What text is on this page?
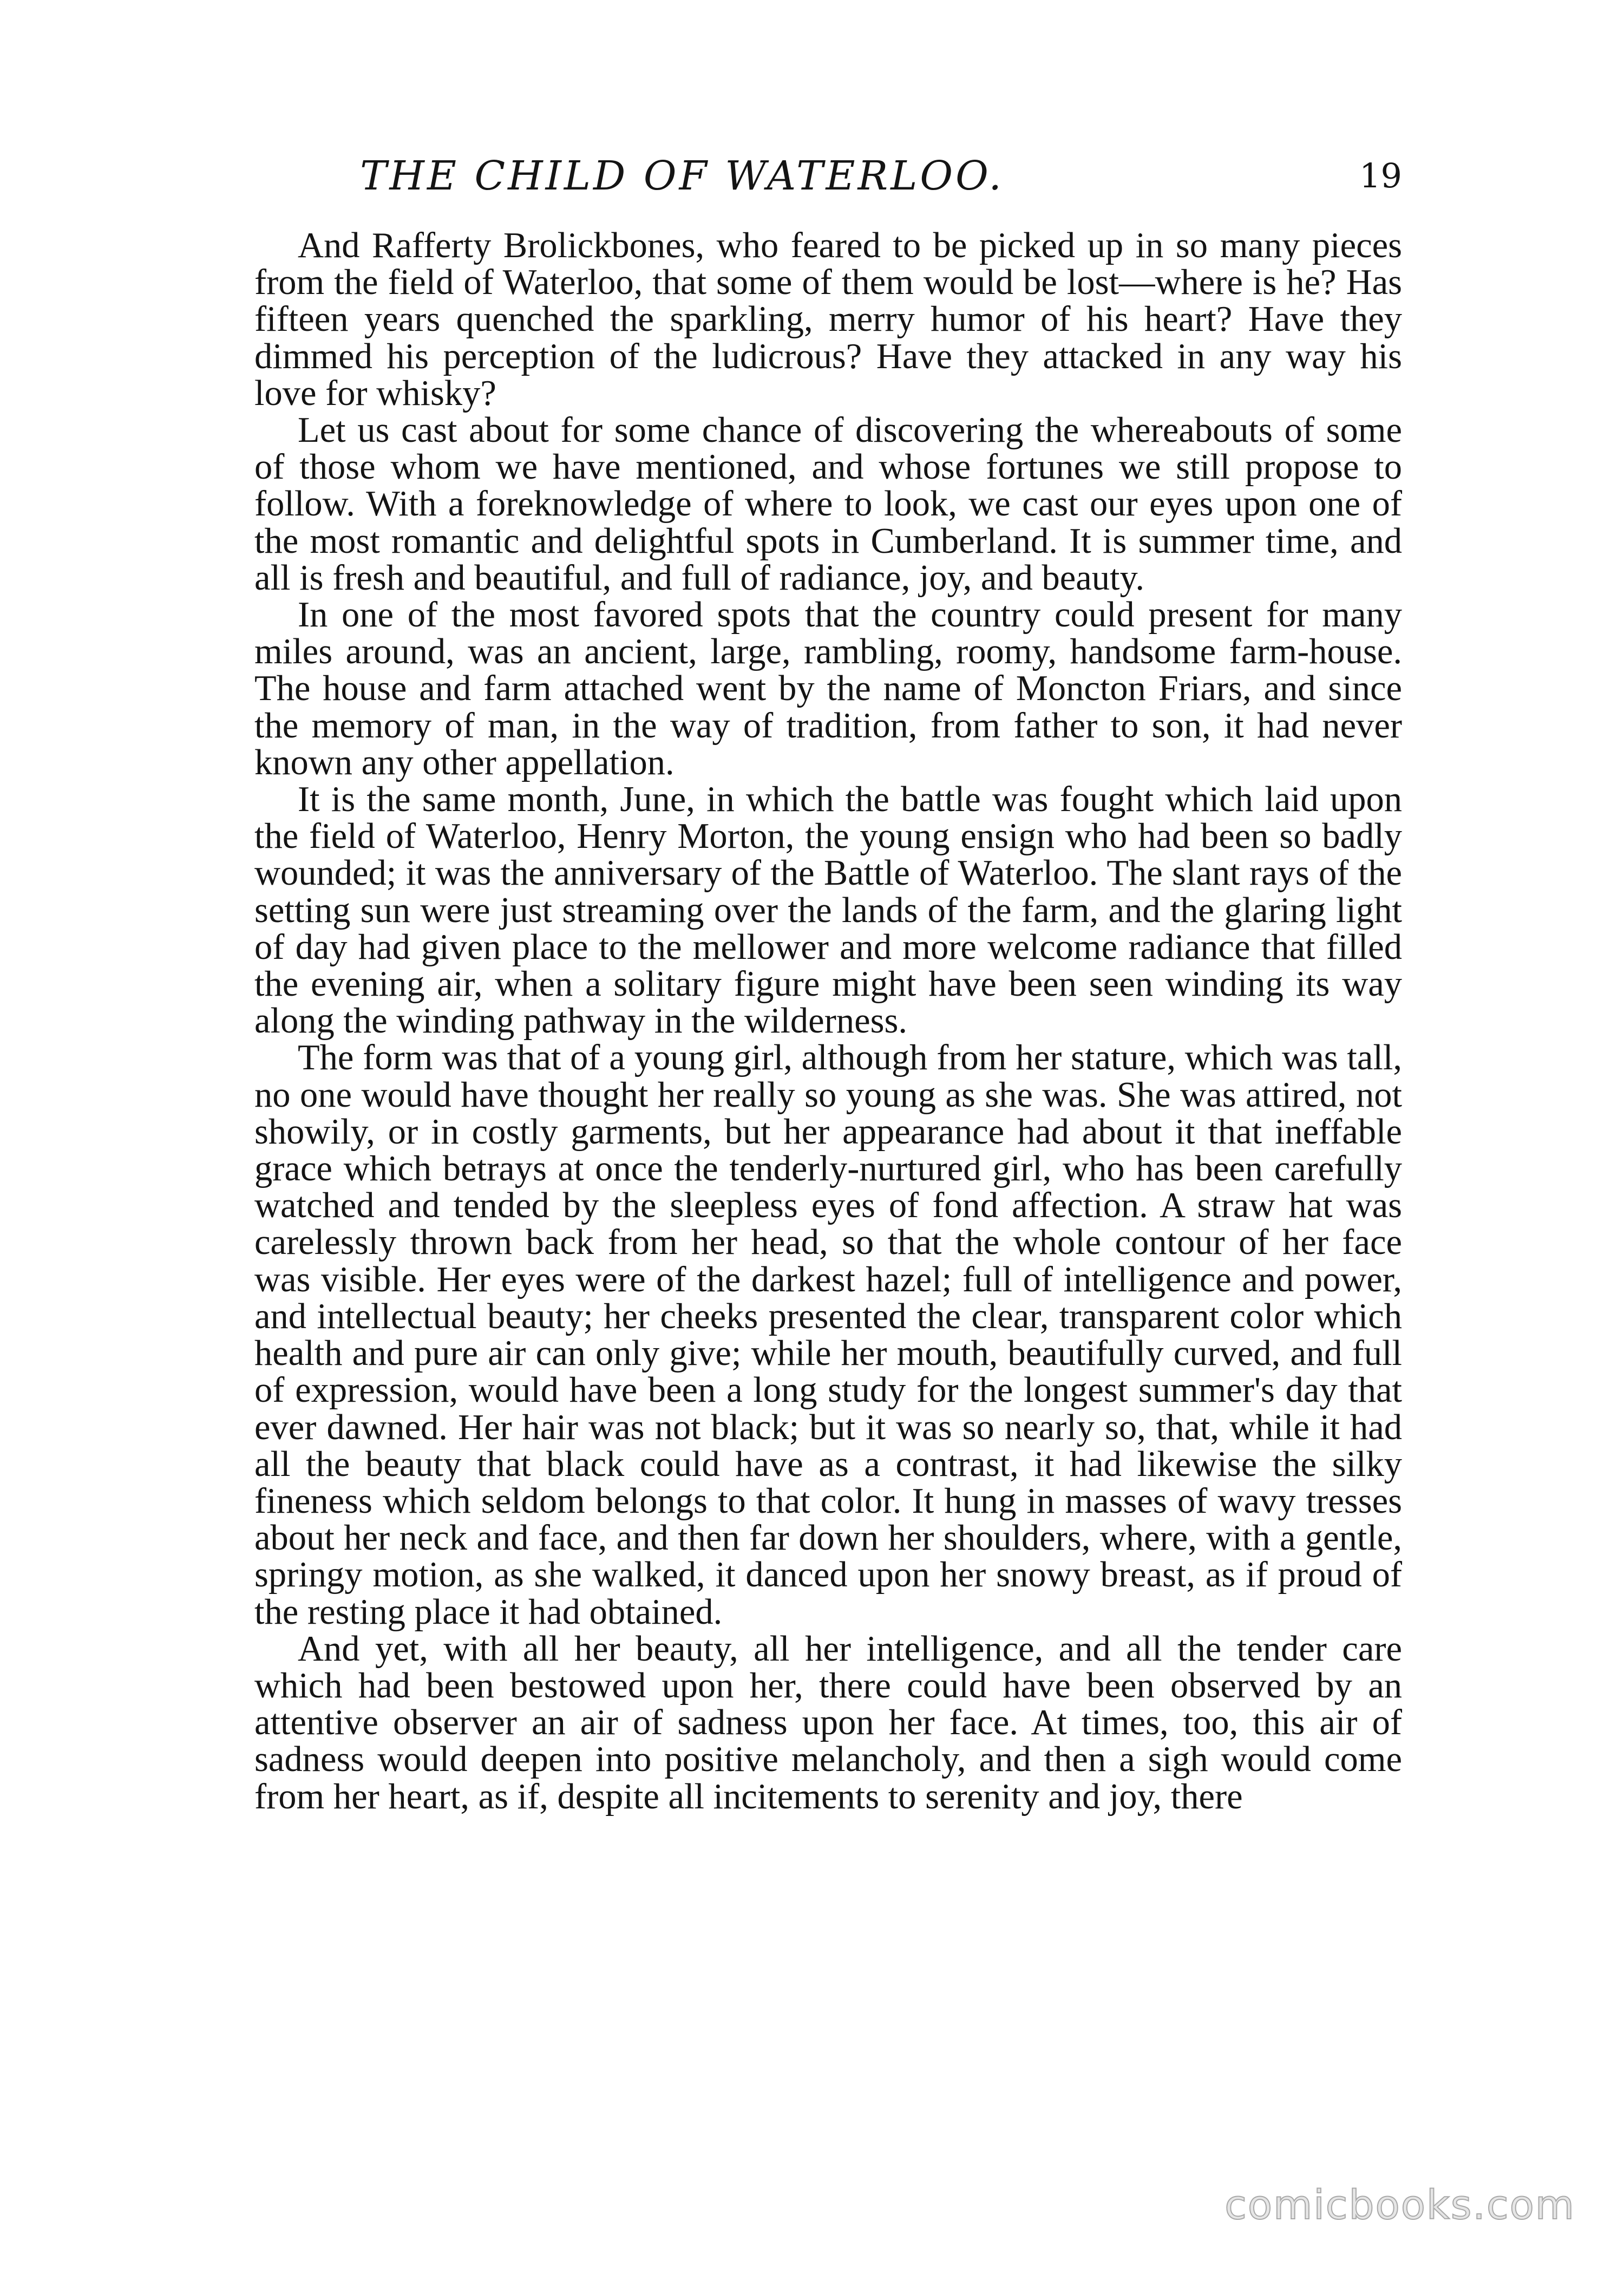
THE CHILD OF WATERLOO.	19

And Rafferty Brolickbones, who feared to be picked up in so many pieces from the field of Waterloo, that some of them would be lost—where is he? Has fifteen years quenched the sparkling, merry humor of his heart? Have they dimmed his perception of the ludicrous? Have they attacked in any way his love for whisky?

Let us cast about for some chance of discovering the whereabouts of some of those whom we have mentioned, and whose fortunes we still propose to follow. With a foreknowledge of where to look, we cast our eyes upon one of the most romantic and delightful spots in Cumberland. It is summer time, and all is fresh and beautiful, and full of radiance, joy, and beauty.

In one of the most favored spots that the country could present for many miles around, was an ancient, large, rambling, roomy, handsome farm-house. The house and farm attached went by the name of Moncton Friars, and since the memory of man, in the way of tradition, from father to son, it had never known any other appellation.

It is the same month, June, in which the battle was fought which laid upon the field of Waterloo, Henry Morton, the young ensign who had been so badly wounded; it was the anniversary of the Battle of Waterloo. The slant rays of the setting sun were just streaming over the lands of the farm, and the glaring light of day had given place to the mellower and more welcome radiance that filled the evening air, when a solitary figure might have been seen winding its way along the winding pathway in the wilderness.

The form was that of a young girl, although from her stature, which was tall, no one would have thought her really so young as she was. She was attired, not showily, or in costly garments, but her appearance had about it that ineffable grace which betrays at once the tenderly-nurtured girl, who has been carefully watched and tended by the sleepless eyes of fond affection. A straw hat was carelessly thrown back from her head, so that the whole contour of her face was visible. Her eyes were of the darkest hazel; full of intelligence and power, and intellectual beauty; her cheeks presented the clear, transparent color which health and pure air can only give; while her mouth, beautifully curved, and full of expression, would have been a long study for the longest summer's day that ever dawned. Her hair was not black; but it was so nearly so, that, while it had all the beauty that black could have as a contrast, it had likewise the silky fineness which seldom belongs to that color. It hung in masses of wavy tresses about her neck and face, and then far down her shoulders, where, with a gentle, springy motion, as she walked, it danced upon her snowy breast, as if proud of the resting place it had obtained.

And yet, with all her beauty, all her intelligence, and all the tender care which had been bestowed upon her, there could have been observed by an attentive observer an air of sadness upon her face. At times, too, this air of sadness would deepen into positive melancholy, and then a sigh would come from her heart, as if, despite all incitements to serenity and joy, there

comicbooks.com
